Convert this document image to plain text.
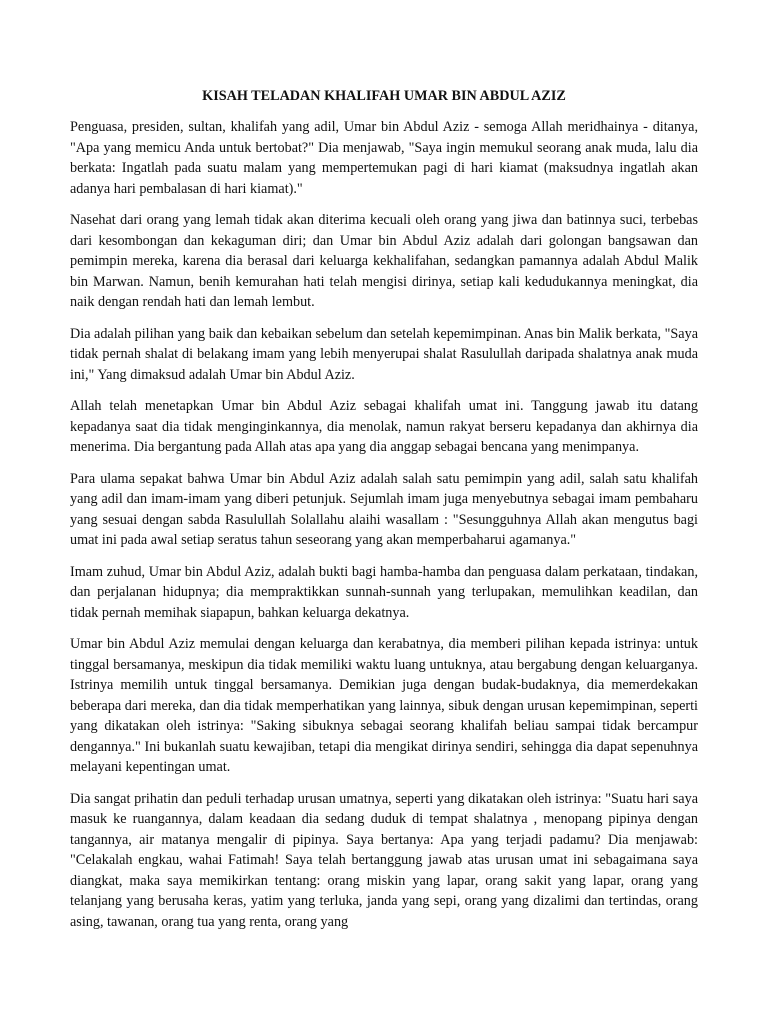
KISAH TELADAN KHALIFAH UMAR BIN ABDUL AZIZ

Penguasa, presiden, sultan, khalifah yang adil, Umar bin Abdul Aziz - semoga Allah meridhainya - ditanya, "Apa yang memicu Anda untuk bertobat?" Dia menjawab, "Saya ingin memukul seorang anak muda, lalu dia berkata: Ingatlah pada suatu malam yang mempertemukan pagi di hari kiamat (maksudnya ingatlah akan adanya hari pembalasan di hari kiamat)."

Nasehat dari orang yang lemah tidak akan diterima kecuali oleh orang yang jiwa dan batinnya suci, terbebas dari kesombongan dan kekaguman diri; dan Umar bin Abdul Aziz adalah dari golongan bangsawan dan pemimpin mereka, karena dia berasal dari keluarga kekhalifahan, sedangkan pamannya adalah Abdul Malik bin Marwan. Namun, benih kemurahan hati telah mengisi dirinya, setiap kali kedudukannya meningkat, dia naik dengan rendah hati dan lemah lembut.

Dia adalah pilihan yang baik dan kebaikan sebelum dan setelah kepemimpinan. Anas bin Malik berkata, "Saya tidak pernah shalat di belakang imam yang lebih menyerupai shalat Rasulullah daripada shalatnya anak muda ini," Yang dimaksud adalah Umar bin Abdul Aziz.

Allah telah menetapkan Umar bin Abdul Aziz sebagai khalifah umat ini. Tanggung jawab itu datang kepadanya saat dia tidak menginginkannya, dia menolak, namun rakyat berseru kepadanya dan akhirnya dia menerima. Dia bergantung pada Allah atas apa yang dia anggap sebagai bencana yang menimpanya.

Para ulama sepakat bahwa Umar bin Abdul Aziz adalah salah satu pemimpin yang adil, salah satu khalifah yang adil dan imam-imam yang diberi petunjuk. Sejumlah imam juga menyebutnya sebagai imam pembaharu yang sesuai dengan sabda Rasulullah Solallahu alaihi wasallam : "Sesungguhnya Allah akan mengutus bagi umat ini pada awal setiap seratus tahun seseorang yang akan memperbaharui agamanya."

Imam zuhud, Umar bin Abdul Aziz, adalah bukti bagi hamba-hamba dan penguasa dalam perkataan, tindakan, dan perjalanan hidupnya; dia mempraktikkan sunnah-sunnah yang terlupakan, memulihkan keadilan, dan tidak pernah memihak siapapun, bahkan keluarga dekatnya.

Umar bin Abdul Aziz memulai dengan keluarga dan kerabatnya, dia memberi pilihan kepada istrinya: untuk tinggal bersamanya, meskipun dia tidak memiliki waktu luang untuknya, atau bergabung dengan keluarganya. Istrinya memilih untuk tinggal bersamanya. Demikian juga dengan budak-budaknya, dia memerdekakan beberapa dari mereka, dan dia tidak memperhatikan yang lainnya, sibuk dengan urusan kepemimpinan, seperti yang dikatakan oleh istrinya: "Saking sibuknya sebagai seorang khalifah beliau sampai tidak bercampur dengannya." Ini bukanlah suatu kewajiban, tetapi dia mengikat dirinya sendiri, sehingga dia dapat sepenuhnya melayani kepentingan umat.

Dia sangat prihatin dan peduli terhadap urusan umatnya, seperti yang dikatakan oleh istrinya: "Suatu hari saya masuk ke ruangannya, dalam keadaan dia sedang duduk di tempat shalatnya , menopang pipinya dengan tangannya, air matanya mengalir di pipinya. Saya bertanya: Apa yang terjadi padamu? Dia menjawab: "Celakalah engkau, wahai Fatimah! Saya telah bertanggung jawab atas urusan umat ini sebagaimana saya diangkat, maka saya memikirkan tentang: orang miskin yang lapar, orang sakit yang lapar, orang yang telanjang yang berusaha keras, yatim yang terluka, janda yang sepi, orang yang dizalimi dan tertindas, orang asing, tawanan, orang tua yang renta, orang yang
